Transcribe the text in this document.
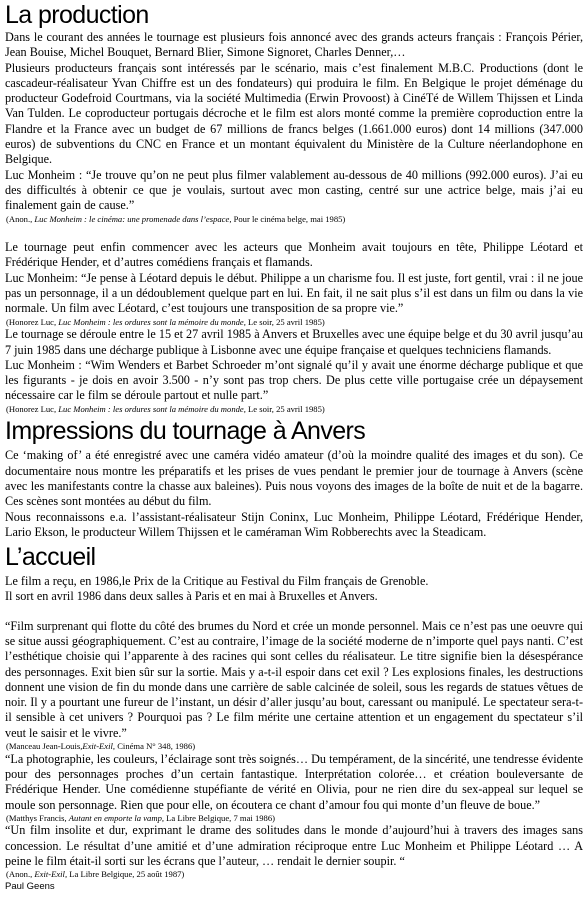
La production

Dans le courant des années le tournage est plusieurs fois annoncé avec des grands acteurs français : François Périer, Jean Bouise, Michel Bouquet, Bernard Blier, Simone Signoret, Charles Denner,…

Plusieurs producteurs français sont intéressés par le scénario, mais c’est finalement M.B.C. Productions (dont le cascadeur-réalisateur Yvan Chiffre est un des fondateurs) qui produira le film. En Belgique le projet déménage du producteur Godefroid Courtmans, via la société Multimedia (Erwin Provoost) à CinéTé de Willem Thijssen et Linda Van Tulden. Le coproducteur portugais décroche et le film est alors monté comme la première coproduction entre la Flandre et la France avec un budget de 67 millions de francs belges (1.661.000 euros) dont 14 millions (347.000 euros) de subventions du CNC en France et un montant équivalent du Ministère de la Culture néerlandophone en Belgique.

Luc Monheim : “Je trouve qu’on ne peut plus filmer valablement au-dessous de 40 millions (992.000 euros). J’ai eu des difficultés à obtenir ce que je voulais, surtout avec mon casting, centré sur une actrice belge, mais j’ai eu finalement gain de cause.”

(Anon., Luc Monheim : le cinéma: une promenade dans l’espace, Pour le cinéma belge, mai 1985)

Le tournage peut enfin commencer avec les acteurs que Monheim avait toujours en tête, Philippe Léotard et Frédérique Hender, et d’autres comédiens français et flamands.

Luc Monheim: “Je pense à Léotard depuis le début. Philippe a un charisme fou. Il est juste, fort gentil, vrai : il ne joue pas un personnage, il a un dédoublement quelque part en lui. En fait, il ne sait plus s’il est dans un film ou dans la vie normale. Un film avec Léotard, c’est toujours une transposition de sa propre vie.”

(Honorez Luc, Luc Monheim : les ordures sont la mémoire du monde, Le soir, 25 avril 1985)

Le tournage se déroule entre le 15 et 27 avril 1985 à Anvers et Bruxelles avec une équipe belge et du 30 avril jusqu’au 7 juin 1985 dans une décharge publique à Lisbonne avec une équipe française et quelques techniciens flamands.

Luc Monheim : “Wim Wenders et Barbet Schroeder m’ont signalé qu’il y avait une énorme décharge publique et que les figurants - je dois en avoir 3.500 - n’y sont pas trop chers. De plus cette ville portugaise crée un dépaysement nécessaire car le film se déroule partout et nulle part.”

(Honorez Luc, Luc Monheim : les ordures sont la mémoire du monde, Le soir, 25 avril 1985)

Impressions du tournage à Anvers

Ce ‘making of’ a été enregistré avec une caméra vidéo amateur (d’où la moindre qualité des images et du son). Ce documentaire nous montre les préparatifs et les prises de vues pendant le premier jour de tournage à Anvers (scène avec les manifestants contre la chasse aux baleines). Puis nous voyons des images de la boîte de nuit et de la bagarre. Ces scènes sont montées au début du film.

Nous reconnaissons e.a. l’assistant-réalisateur Stijn Coninx, Luc Monheim, Philippe Léotard, Frédérique Hender, Lario Ekson, le producteur Willem Thijssen et le caméraman Wim Robberechts avec la Steadicam.

L’accueil

Le film a reçu, en 1986,le Prix de la Critique au Festival du Film français de Grenoble.

Il sort en avril 1986 dans deux salles à Paris et en mai à Bruxelles et Anvers.

“Film surprenant qui flotte du côté des brumes du Nord et crée un monde personnel. Mais ce n’est pas une oeuvre qui se situe aussi géographiquement. C’est au contraire, l’image de la société moderne de n’importe quel pays nanti. C’est l’esthétique choisie qui l’apparente à des racines qui sont celles du réalisateur. Le titre signifie bien la désespérance des personnages. Exit bien sûr sur la sortie. Mais y a-t-il espoir dans cet exil ? Les explosions finales, les destructions donnent une vision de fin du monde dans une carrière de sable calcinée de soleil, sous les regards de statues vêtues de noir. Il y a pourtant une fureur de l’instant, un désir d’aller jusqu’au bout, caressant ou manipulé. Le spectateur sera-t-il sensible à cet univers ? Pourquoi pas ? Le film mérite une certaine attention et un engagement du spectateur s’il veut le saisir et le vivre.”

(Manceau Jean-Louis,Exit-Exil, Cinéma N° 348, 1986)

“La photographie, les couleurs, l’éclairage sont très soignés… Du tempérament, de la sincérité, une tendresse évidente pour des personnages proches d’un certain fantastique. Interprétation colorée… et création bouleversante de Frédérique Hender. Une comédienne stupéfiante de vérité en Olivia, pour ne rien dire du sex-appeal sur lequel se moule son personnage. Rien que pour elle, on écoutera ce chant d’amour fou qui monte d’un fleuve de boue.”

(Matthys Francis, Autant en emporte la vamp, La Libre Belgique, 7 mai 1986)

“Un film insolite et dur, exprimant le drame des solitudes dans le monde d’aujourd’hui à travers des images sans concession. Le résultat d’une amitié et d’une admiration réciproque entre Luc Monheim et Philippe Léotard … A peine le film était-il sorti sur les écrans que l’auteur, … rendait le dernier soupir. “

(Anon., Exit-Exil, La Libre Belgique, 25 août 1987)

Paul Geens
